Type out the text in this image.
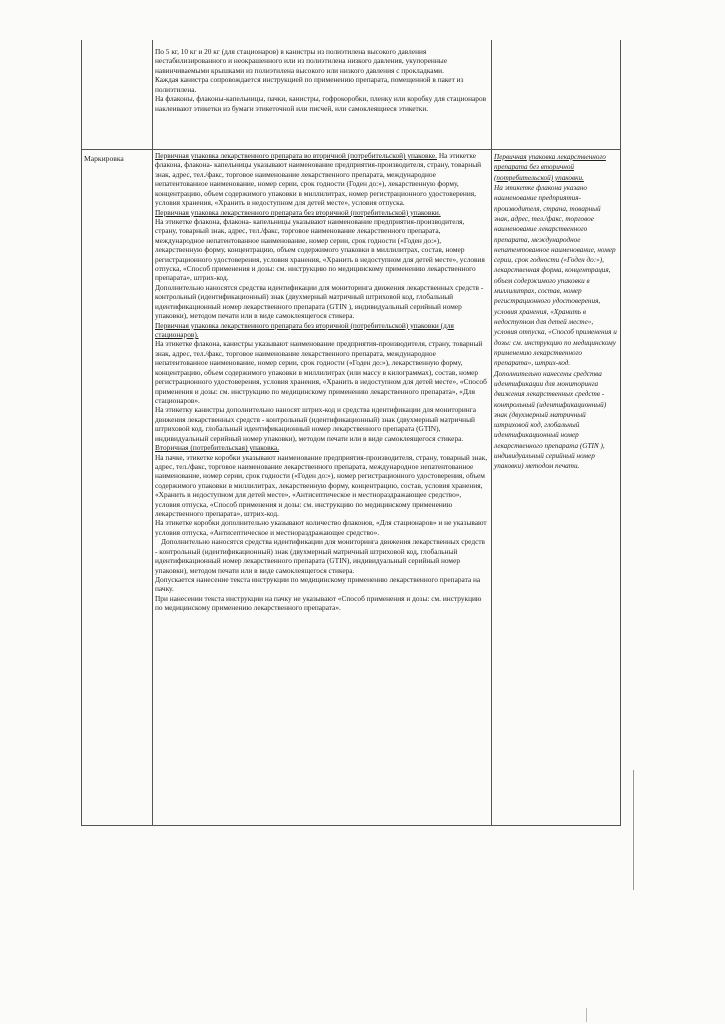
Маркировка

По 5 кг, 10 кг и 20 кг (для стационаров) в канистры из полиэтилена высокого давления нестабилизированного и неокрашенного или из полиэтилена низкого давления, укупоренные навинчиваемыми крышками из полиэтилена высокого или низкого давления с прокладками.

Каждая канистра сопровождается инструкцией по применению препарата, помещенной в пакет из полиэтилена.

На флаконы, флаконы-капельницы, пачки, канистры, гофрокоробки, пленку или коробку для стационаров наклеивают этикетки из бумаги этикеточной или писчей, или самоклеящиеся этикетки.

Первичная упаковка лекарственного препарата во вторичной (потребительской) упаковке. На этикетке флакона, флакона- капельницы указывают наименование предприятия-производителя, страну, товарный знак, адрес, тел./факс, торговое наименование лекарственного препарата, международное непатентованное наименование, номер серии, срок годности (Годен до:»), лекарственную форму, концентрацию, объем содержимого упаковки в миллилитрах, номер регистрационного удостоверения, условия хранения, «Хранить в недоступном для детей месте», условия отпуска.

Первичная упаковка лекарственного препарата без вторичной (потребительской) упаковки.

На этикетке флакона, флакона- капельницы указывают наименование предприятия-производителя, страну, товарный знак, адрес, тел./факс, торговое наименование лекарственного препарата, международное непатентованное наименование, номер серии, срок годности («Годен до:»), лекарственную форму, концентрацию, объем содержимого упаковки в миллилитрах, состав, номер регистрационного удостоверения, условия хранения, «Хранить в недоступном для детей месте», условия отпуска, «Способ применения и дозы: см. инструкцию по медицинскому применению лекарственного препарата», штрих-код.

Дополнительно наносятся средства идентификации для мониторинга движения лекарственных средств - контрольный (идентификационный) знак (двухмерный матричный штриховой код, глобальный идентификационный номер лекарственного препарата (GTIN ), индивидуальный серийный номер упаковки), методом печати или в виде самоклеящегося стикера.

Первичная упаковка лекарственного препарата без вторичной (потребительской) упаковки (для стационаров).

На этикетке флакона, канистры указывают наименование предприятия-производителя, страну, товарный знак, адрес, тел./факс, торговое наименование лекарственного препарата, международное непатентованное наименование, номер серии, срок годности («Годен до:»), лекарственную форму, концентрацию, объем содержимого упаковки в миллилитрах (или массу в килограммах), состав, номер регистрационного удостоверения, условия хранения, «Хранить в недоступном для детей месте», «Способ применения и дозы: см. инструкцию по медицинскому применению лекарственного препарата», «Для стационаров».

На этикетку канистры дополнительно наносят штрих-код и средства идентификации для мониторинга движения лекарственных средств - контрольный (идентификационный) знак (двухмерный матричный штриховой код, глобальный идентификационный номер лекарственного препарата (GTIN), индивидуальный серийный номер упаковки), методом печати или в виде самоклеящегося стикера.

Вторичная (потребительская) упаковка.

На пачке, этикетке коробки указывают наименование предприятия-производителя, страну, товарный знак, адрес, тел./факс, торговое наименование лекарственного препарата, международное непатентованное наименование, номер серии, срок годности («Годен до:»), номер регистрационного удостоверения, объем содержимого упаковки в миллилитрах, лекарственную форму, концентрацию, состав, условия хранения, «Хранить в недоступном для детей месте», «Антисептическое и местнораздражающее средство», условия отпуска, «Способ применения и дозы: см. инструкцию по медицинскому применению лекарственного препарата», штрих-код.

На этикетке коробки дополнительно указывают количество флаконов, «Для стационаров» и не указывают условия отпуска, «Антисептическое и местнораздражающее средство».

Дополнительно наносятся средства идентификации для мониторинга движения лекарственных средств - контрольный (идентификационный) знак (двухмерный матричный штриховой код, глобальный идентификационный номер лекарственного препарата (GTIN), индивидуальный серийный номер упаковки), методом печати или в виде самоклеящегося стикера.

Допускается нанесение текста инструкции по медицинскому применению лекарственного препарата на пачку.

При нанесении текста инструкции на пачку не указывают «Способ применения и дозы: см. инструкцию по медицинскому применению лекарственного препарата».

Первичная упаковка лекарственного препарата без вторичной (потребительской) упаковки.

На этикетке флакона указано наименование предприятия-производителя, страна, товарный знак, адрес, тел./факс, торговое наименование лекарственного препарата, международное непатентованное наименование, номер серии, срок годности («Годен до:»), лекарственная форма, концентрация, объем содержимого упаковки в миллилитрах, состав, номер регистрационного удостоверения, условия хранения, «Хранить в недоступном для детей месте», условия отпуска, «Способ применения и дозы: см. инструкцию по медицинскому применению лекарственного препарата», штрих-код. Дополнительно нанесены средства идентификации для мониторинга движения лекарственных средств - контрольный (идентификационный) знак (двухмерный матричный штриховой код, глобальный идентификационный номер лекарственного препарата (GTIN ), индивидуальный серийный номер упаковки) методом печати.
